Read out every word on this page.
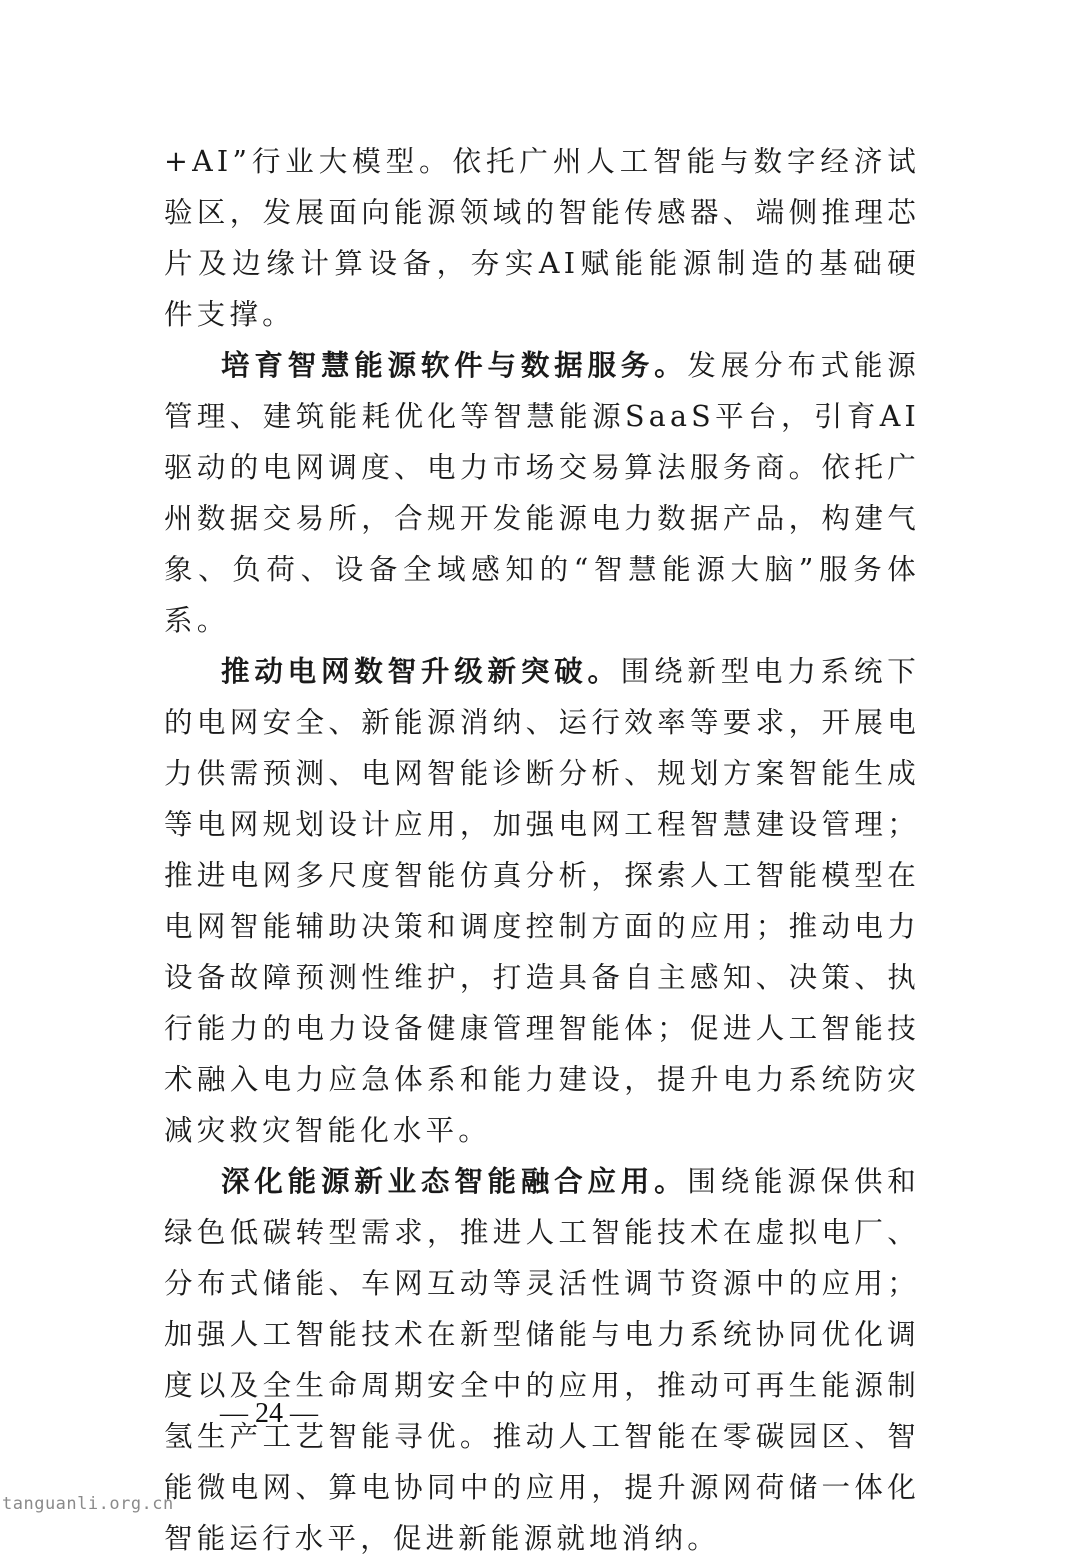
+AI”行业大模型。依托广州人工智能与数字经济试验区，发展面向能源领域的智能传感器、端侧推理芯片及边缘计算设备，夯实AI赋能能源制造的基础硬件支撑。

培育智慧能源软件与数据服务。发展分布式能源管理、建筑能耗优化等智慧能源SaaS平台，引育AI驱动的电网调度、电力市场交易算法服务商。依托广州数据交易所，合规开发能源电力数据产品，构建气象、负荷、设备全域感知的“智慧能源大脑”服务体系。

推动电网数智升级新突破。围绕新型电力系统下的电网安全、新能源消纳、运行效率等要求，开展电力供需预测、电网智能诊断分析、规划方案智能生成等电网规划设计应用，加强电网工程智慧建设管理；推进电网多尺度智能仿真分析，探索人工智能模型在电网智能辅助决策和调度控制方面的应用；推动电力设备故障预测性维护，打造具备自主感知、决策、执行能力的电力设备健康管理智能体；促进人工智能技术融入电力应急体系和能力建设，提升电力系统防灾减灾救灾智能化水平。

深化能源新业态智能融合应用。围绕能源保供和绿色低碳转型需求，推进人工智能技术在虚拟电厂、分布式储能、车网互动等灵活性调节资源中的应用；加强人工智能技术在新型储能与电力系统协同优化调度以及全生命周期安全中的应用，推动可再生能源制氢生产工艺智能寻优。推动人工智能在零碳园区、智能微电网、算电协同中的应用，提升源网荷储一体化智能运行水平，促进新能源就地消纳。

— 24 —
tanguanli.org.cn
